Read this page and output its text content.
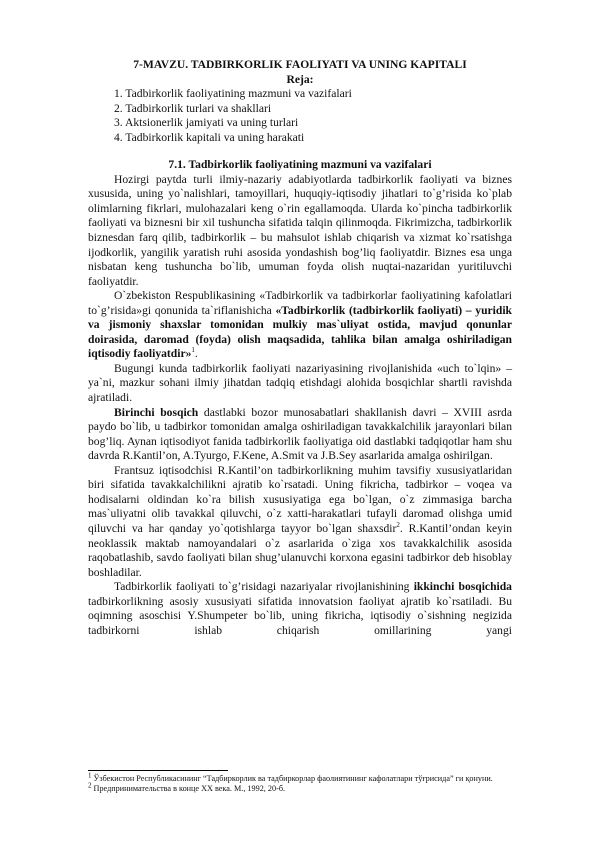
7-MAVZU. TADBIRKORLIK FAOLIYATI VA UNING KAPITALI
Reja:
1. Tadbirkorlik faoliyatining mazmuni va vazifalari
2. Tadbirkorlik turlari va shakllari
3. Aktsionerlik jamiyati va uning turlari
4. Tadbirkorlik kapitali va uning harakati
7.1. Tadbirkorlik faoliyatining mazmuni va vazifalari

Hozirgi paytda turli ilmiy-nazariy adabiyotlarda tadbirkorlik faoliyati va biznes xususida, uning yo`nalishlari, tamoyillari, huquqiy-iqtisodiy jihatlari to`g’risida ko`plab olimlarning fikrlari, mulohazalari keng o`rin egallamoqda. Ularda ko`pincha tadbirkorlik faoliyati va biznesni bir xil tushuncha sifatida talqin qilinmoqda. Fikrimizcha, tadbirkorlik biznesdan farq qilib, tadbirkorlik – bu mahsulot ishlab chiqarish va xizmat ko`rsatishga ijodkorlik, yangilik yaratish ruhi asosida yondashish bog’liq faoliyatdir. Biznes esa unga nisbatan keng tushuncha bo`lib, umuman foyda olish nuqtai-nazaridan yuritiluvchi faoliyatdir.

O`zbekiston Respublikasining «Tadbirkorlik va tadbirkorlar faoliyatining kafolatlari to`g’risida»gi qonunida ta`riflanishicha «Tadbirkorlik (tadbirkorlik faoliyati) – yuridik va jismoniy shaxslar tomonidan mulkiy mas`uliyat ostida, mavjud qonunlar doirasida, daromad (foyda) olish maqsadida, tahlika bilan amalga oshiriladigan iqtisodiy faoliyatdir»$^1$.

Bugungi kunda tadbirkorlik faoliyati nazariyasining rivojlanishida «uch to`lqin» – ya`ni, mazkur sohani ilmiy jihatdan tadqiq etishdagi alohida bosqichlar shartli ravishda ajratiladi.

Birinchi bosqich dastlabki bozor munosabatlari shakllanish davri – XVIII asrda paydo bo`lib, u tadbirkor tomonidan amalga oshiriladigan tavakkalchilik jarayonlari bilan bog’liq. Aynan iqtisodiyot fanida tadbirkorlik faoliyatiga oid dastlabki tadqiqotlar ham shu davrda R.Kantil’on, A.Tyurgo, F.Kene, A.Smit va J.B.Sey asarlarida amalga oshirilgan.

Frantsuz iqtisodchisi R.Kantil’on tadbirkorlikning muhim tavsifiy xususiyatlaridan biri sifatida tavakkalchilikni ajratib ko`rsatadi. Uning fikricha, tadbirkor – voqea va hodisalarni oldindan ko`ra bilish xususiyatiga ega bo`lgan, o`z zimmasiga barcha mas`uliyatni olib tavakkal qiluvchi, o`z xatti-harakatlari tufayli daromad olishga umid qiluvchi va har qanday yo`qotishlarga tayyor bo`lgan shaxsdir$^2$. R.Kantil’ondan keyin neoklassik maktab namoyandalari o`z asarlarida o`ziga xos tavakkalchilik asosida raqobatlashib, savdo faoliyati bilan shug’ulanuvchi korxona egasini tadbirkor deb hisoblay boshladilar.

Tadbirkorlik faoliyati to`g’risidagi nazariyalar rivojlanishining ikkinchi bosqichida tadbirkorlikning asosiy xususiyati sifatida innovatsion faoliyat ajratib ko`rsatiladi. Bu oqimning asoschisi Y.Shumpeter bo`lib, uning fikricha, iqtisodiy o`sishning negizida tadbirkorni ishlab chiqarish omillarining yangi

$^1$ Ўзбекистон Республикасининг “Тадбиркорлик ва тадбиркорлар фаолиятининг кафолатлари тўғрисида” ги қонуни.
$^2$ Предпринимательства в конце ХХ века. М., 1992, 20-б.
